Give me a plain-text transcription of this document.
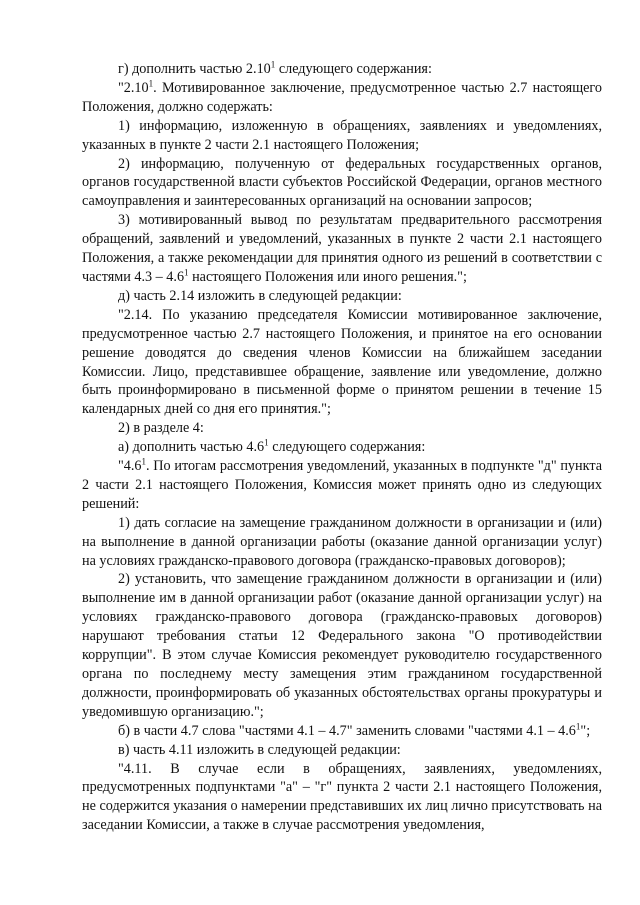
г) дополнить частью 2.10$^1$ следующего содержания:

"2.10$^1$. Мотивированное заключение, предусмотренное частью 2.7 настоящего Положения, должно содержать:

1) информацию, изложенную в обращениях, заявлениях и уведомлениях, указанных в пункте 2 части 2.1 настоящего Положения;

2) информацию, полученную от федеральных государственных органов, органов государственной власти субъектов Российской Федерации, органов местного самоуправления и заинтересованных организаций на основании запросов;

3) мотивированный вывод по результатам предварительного рассмотрения обращений, заявлений и уведомлений, указанных в пункте 2 части 2.1 настоящего Положения, а также рекомендации для принятия одного из решений в соответствии с частями $4.3 - 4.6^1$ настоящего Положения или иного решения.";

д) часть 2.14 изложить в следующей редакции:

"2.14. По указанию председателя Комиссии мотивированное заключение, предусмотренное частью 2.7 настоящего Положения, и принятое на его основании решение доводятся до сведения членов Комиссии на ближайшем заседании Комиссии. Лицо, представившее обращение, заявление или уведомление, должно быть проинформировано в письменной форме о принятом решении в течение 15 календарных дней со дня его принятия.";

2) в разделе 4:

а) дополнить частью $4.6^1$ следующего содержания:

"$4.6^1$. По итогам рассмотрения уведомлений, указанных в подпункте "д" пункта 2 части 2.1 настоящего Положения, Комиссия может принять одно из следующих решений:

1) дать согласие на замещение гражданином должности в организации и (или) на выполнение в данной организации работы (оказание данной организации услуг) на условиях гражданско-правового договора (гражданско-правовых договоров);

2) установить, что замещение гражданином должности в организации и (или) выполнение им в данной организации работ (оказание данной организации услуг) на условиях гражданско-правового договора (гражданско-правовых договоров) нарушают требования статьи 12 Федерального закона "О противодействии коррупции". В этом случае Комиссия рекомендует руководителю государственного органа по последнему месту замещения этим гражданином государственной должности, проинформировать об указанных обстоятельствах органы прокуратуры и уведомившую организацию.";

б) в части 4.7 слова "частями 4.1 – 4.7" заменить словами "частями $4.1 - 4.6^1$";

в) часть 4.11 изложить в следующей редакции:

"4.11. В случае если в обращениях, заявлениях, уведомлениях, предусмотренных подпунктами "а" – "г" пункта 2 части 2.1 настоящего Положения, не содержится указания о намерении представивших их лиц лично присутствовать на заседании Комиссии, а также в случае рассмотрения уведомления,
